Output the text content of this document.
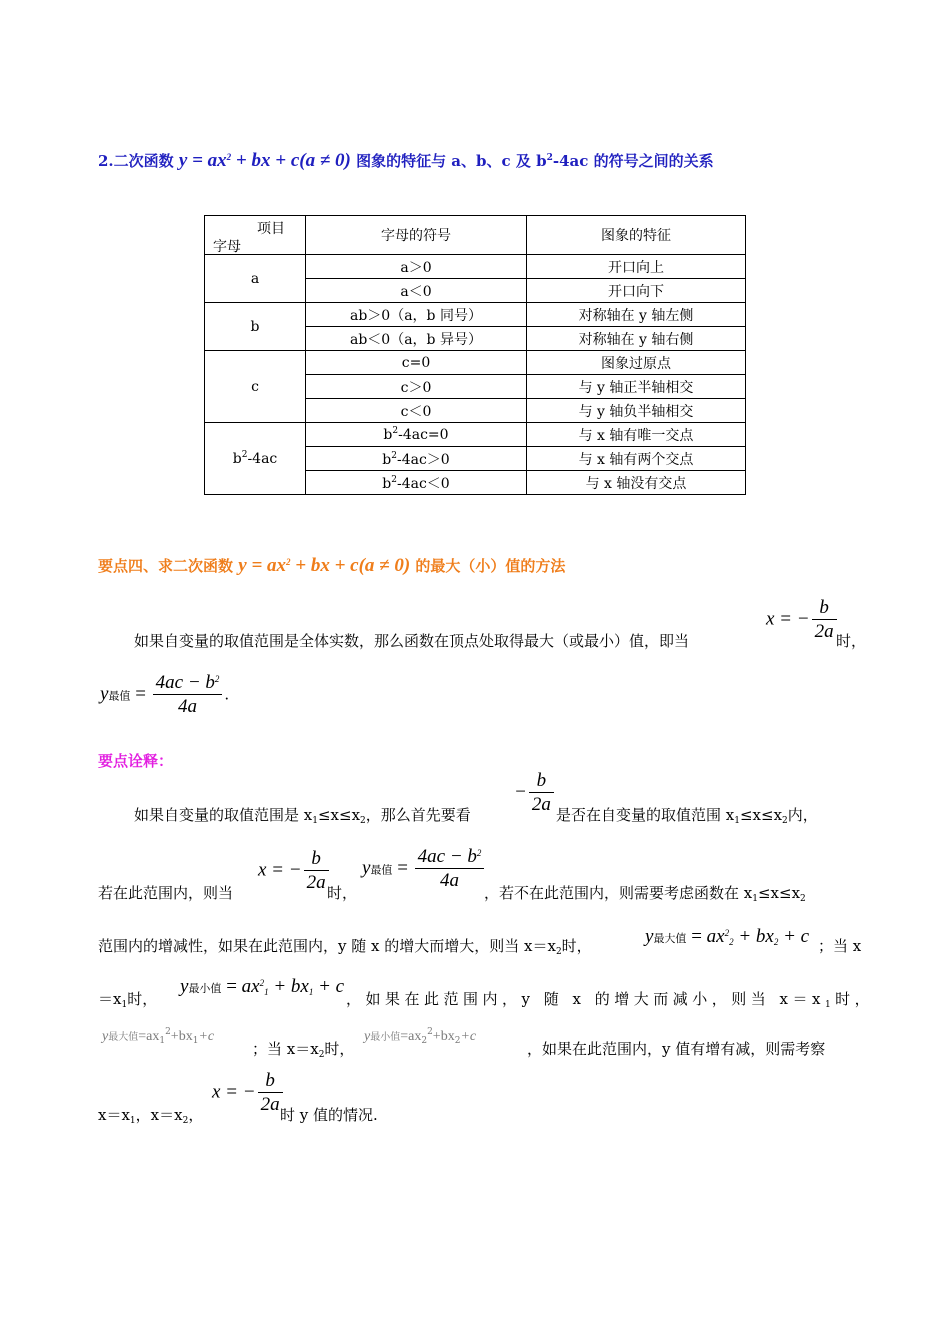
2.二次函数 $y = ax^2$ + bx + c(a ≠ 0) 图象的特征与 a、b、c 及 $b^2-4ac$ 的符号之间的关系
项目
字母	字母的符号	图象的特征
a	a＞0	开口向上
	a＜0	开口向下
b	ab＞0（a，b 同号）	对称轴在 y 轴左侧
	ab＜0（a，b 异号）	对称轴在 y 轴右侧
c	c=0	图象过原点
	c＞0	与 y 轴正半轴相交
	c＜0	与 y 轴负半轴相交
$b^2-4ac$	$b^2-4ac=0$	与 x 轴有唯一交点
	$b^2-4ac>0$	与 x 轴有两个交点
	$b^2-4ac<0$	与 x 轴没有交点
要点四、求二次函数 $y = ax^2$ + bx + c(a ≠ 0) 的最大（小）值的方法
如果自变量的取值范围是全体实数，那么函数在顶点处取得最大（或最小）值，即当
x = − $\frac{b}{2a}$ 时，
y最值 = $\frac{4ac - b^2}{4a}$ .
要点诠释：
如果自变量的取值范围是 $x_1\le x\le x_2$，那么首先要看
− $\frac{b}{2a}$ 是否在自变量的取值范围 $x_1\le x\le x_2$内，
若在此范围内，则当
x = − $\frac{b}{2a}$
时，
y最值 = $\frac{4ac - b^2}{4a}$ ，若不在此范围内，则需要考虑函数在 $x_1\le x\le x_2$
范围内的增减性，如果在此范围内，y 随 x 的增大而增大，则当 $x=x_2$时，	y最大值 = $ax^2_2 + bx_2 + c$ ；当 x
$=x_1$时，
y最小值 = $ax^2_1 + bx_1 + c$
，如果在此范围内，y 随 x 的增大而减小，则当 $x=x_1$时，
y最大值$=ax_1^2+bx_1+c$
；当 $x=x_2$时，
y最小值$=ax_2^2+bx_2+c$
，如果在此范围内，y 值有增有减，则需考察
$x=x_1$，$x=x_2$，
x = − $\frac{b}{2a}$
时 y 值的情况.
